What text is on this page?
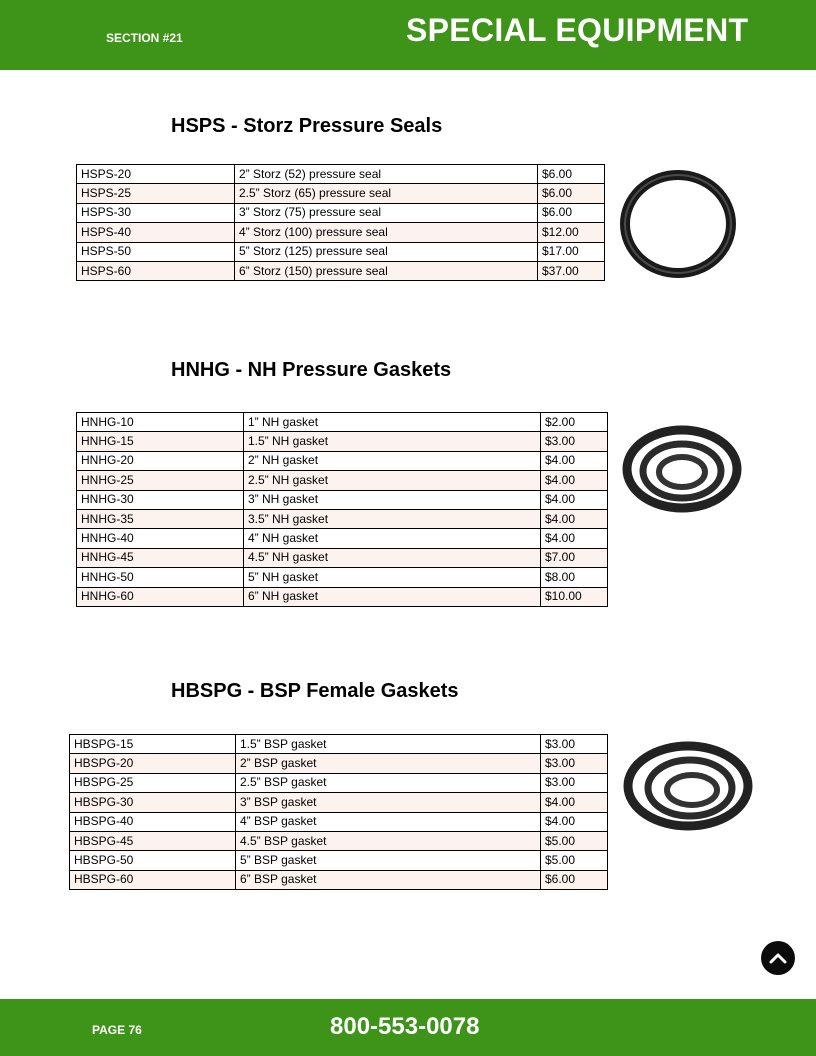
SECTION #21	SPECIAL EQUIPMENT
HSPS - Storz Pressure Seals
HSPS-20	2” Storz (52) pressure seal	$6.00
HSPS-25	2.5” Storz (65) pressure seal	$6.00
HSPS-30	3” Storz (75) pressure seal	$6.00
HSPS-40	4” Storz (100) pressure seal	$12.00
HSPS-50	5” Storz (125) pressure seal	$17.00
HSPS-60	6” Storz (150) pressure seal	$37.00
HNHG - NH Pressure Gaskets
HNHG-10	1” NH gasket	$2.00
HNHG-15	1.5” NH gasket	$3.00
HNHG-20	2” NH gasket	$4.00
HNHG-25	2.5” NH gasket	$4.00
HNHG-30	3” NH gasket	$4.00
HNHG-35	3.5” NH gasket	$4.00
HNHG-40	4” NH gasket	$4.00
HNHG-45	4.5” NH gasket	$7.00
HNHG-50	5” NH gasket	$8.00
HNHG-60	6” NH gasket	$10.00
HBSPG - BSP Female Gaskets
HBSPG-15	1.5” BSP gasket	$3.00
HBSPG-20	2” BSP gasket	$3.00
HBSPG-25	2.5” BSP gasket	$3.00
HBSPG-30	3” BSP gasket	$4.00
HBSPG-40	4” BSP gasket	$4.00
HBSPG-45	4.5” BSP gasket	$5.00
HBSPG-50	5” BSP gasket	$5.00
HBSPG-60	6” BSP gasket	$6.00
PAGE 76	800-553-0078
